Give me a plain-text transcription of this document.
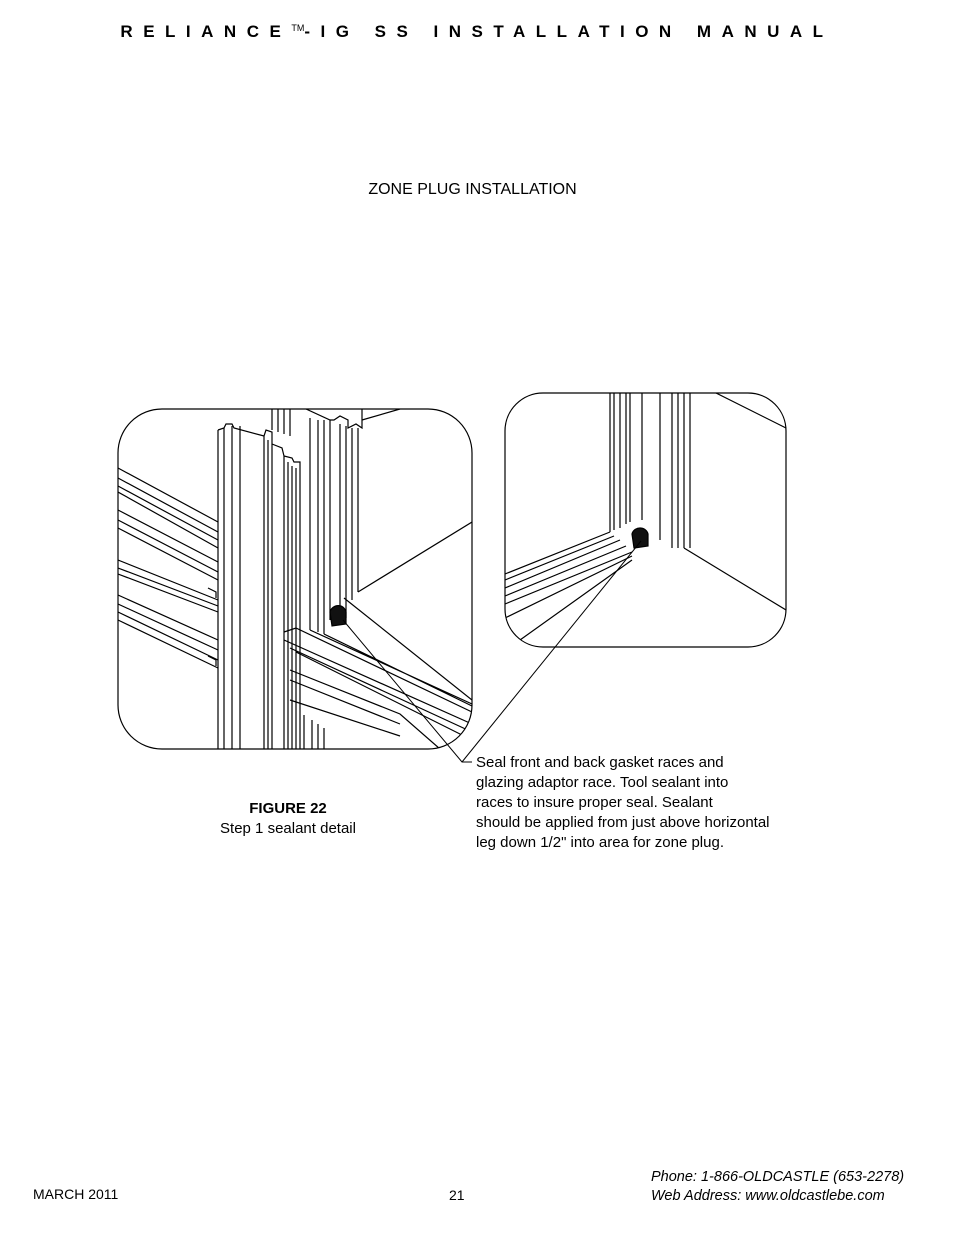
RELIANCE™-IG SS INSTALLATION MANUAL
ZONE PLUG INSTALLATION
FIGURE 22
Step 1 sealant detail
Seal front and back gasket races and
glazing adaptor race. Tool sealant into
races to insure proper seal. Sealant
should be applied from just above horizontal
leg down 1/2" into area for zone plug.
MARCH 2011	21
Phone: 1-866-OLDCASTLE (653-2278)
Web Address: www.oldcastlebe.com
